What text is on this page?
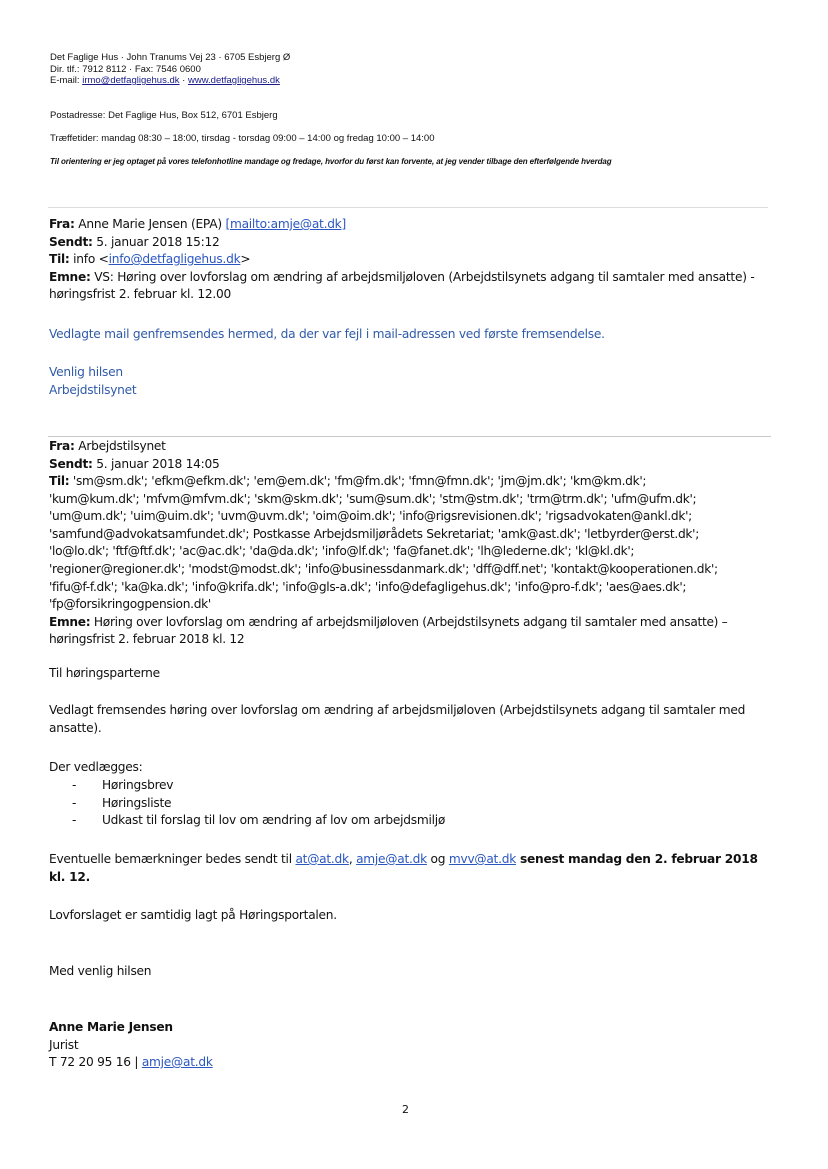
Det Faglige Hus · John Tranums Vej 23 · 6705 Esbjerg Ø
Dir. tlf.: 7912 8112 · Fax: 7546 0600
E-mail: irmo@detfagligehus.dk · www.detfagligehus.dk
Postadresse: Det Faglige Hus, Box 512, 6701 Esbjerg
Træffetider: mandag 08:30 – 18:00, tirsdag - torsdag 09:00 – 14:00 og fredag 10:00 – 14:00
Til orientering er jeg optaget på vores telefonhotline mandage og fredage, hvorfor du først kan forvente, at jeg vender tilbage den efterfølgende hverdag
Fra: Anne Marie Jensen (EPA) [mailto:amje@at.dk]
Sendt: 5. januar 2018 15:12
Til: info <info@detfagligehus.dk>
Emne: VS: Høring over lovforslag om ændring af arbejdsmiljøloven (Arbejdstilsynets adgang til samtaler med ansatte) - høringsfrist 2. februar kl. 12.00
Vedlagte mail genfremsendes hermed, da der var fejl i mail-adressen ved første fremsendelse.
Venlig hilsen
Arbejdstilsynet
Fra: Arbejdstilsynet
Sendt: 5. januar 2018 14:05
Til: 'sm@sm.dk'; 'efkm@efkm.dk'; 'em@em.dk'; 'fm@fm.dk'; 'fmn@fmn.dk'; 'jm@jm.dk'; 'km@km.dk';
'kum@kum.dk'; 'mfvm@mfvm.dk'; 'skm@skm.dk'; 'sum@sum.dk'; 'stm@stm.dk'; 'trm@trm.dk'; 'ufm@ufm.dk';
'um@um.dk'; 'uim@uim.dk'; 'uvm@uvm.dk'; 'oim@oim.dk'; 'info@rigsrevisionen.dk'; 'rigsadvokaten@ankl.dk';
'samfund@advokatsamfundet.dk'; Postkasse Arbejdsmiljørådets Sekretariat; 'amk@ast.dk'; 'letbyrder@erst.dk';
'lo@lo.dk'; 'ftf@ftf.dk'; 'ac@ac.dk'; 'da@da.dk'; 'info@lf.dk'; 'fa@fanet.dk'; 'lh@lederne.dk'; 'kl@kl.dk';
'regioner@regioner.dk'; 'modst@modst.dk'; 'info@businessdanmark.dk'; 'dff@dff.net'; 'kontakt@kooperationen.dk';
'fifu@f-f.dk'; 'ka@ka.dk'; 'info@krifa.dk'; 'info@gls-a.dk'; 'info@defagligehus.dk'; 'info@pro-f.dk'; 'aes@aes.dk';
'fp@forsikringogpension.dk'
Emne: Høring over lovforslag om ændring af arbejdsmiljøloven (Arbejdstilsynets adgang til samtaler med ansatte) –
høringsfrist 2. februar 2018 kl. 12
Til høringsparterne
Vedlagt fremsendes høring over lovforslag om ændring af arbejdsmiljøloven (Arbejdstilsynets adgang til samtaler med ansatte).
Der vedlægges:
-	Høringsbrev
-	Høringsliste
-	Udkast til forslag til lov om ændring af lov om arbejdsmiljø
Eventuelle bemærkninger bedes sendt til at@at.dk, amje@at.dk og mvv@at.dk senest mandag den 2. februar 2018 kl. 12.
Lovforslaget er samtidig lagt på Høringsportalen.
Med venlig hilsen
Anne Marie Jensen
Jurist
T 72 20 95 16 | amje@at.dk
2
